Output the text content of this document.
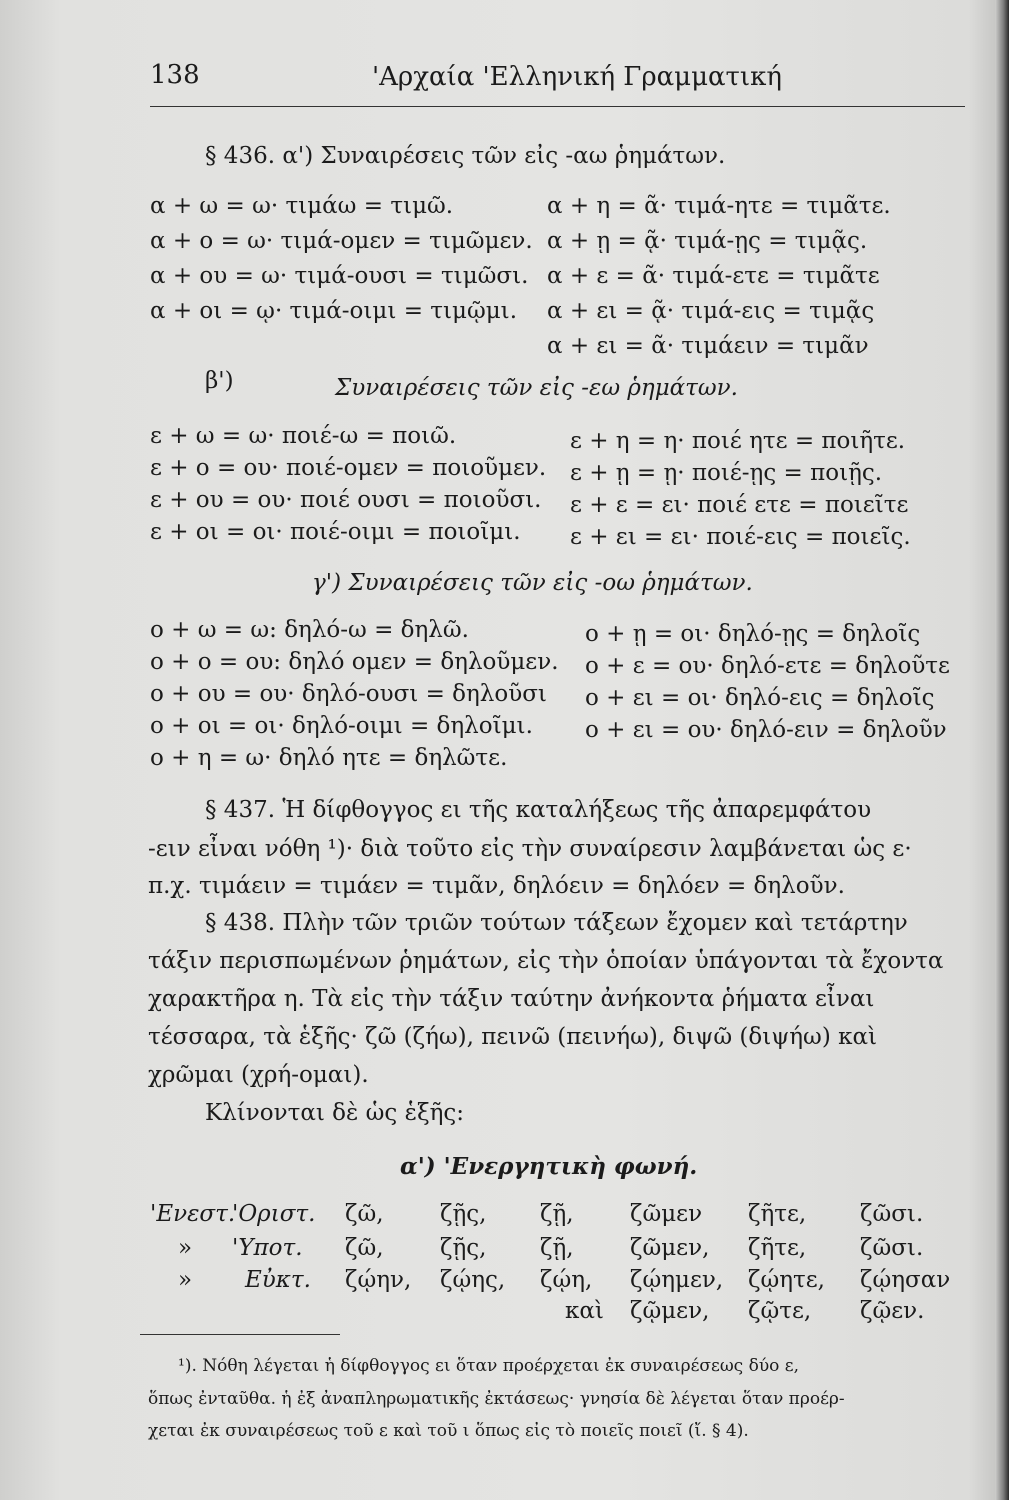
138	'Αρχαία 'Ελληνική Γραμματική
§ 436. α') Συναιρέσεις τῶν εἰς -αω ῥημάτων.
α + ω = ω· τιμάω = τιμῶ.
α + ο = ω· τιμά-ομεν = τιμῶμεν.
α + ου = ω· τιμά-ουσι = τιμῶσι.
α + οι = ῳ· τιμά-οιμι = τιμῷμι.
α + η = ᾶ· τιμά-ητε = τιμᾶτε.
α + ῃ = ᾷ· τιμά-ῃς = τιμᾷς.
α + ε = ᾶ· τιμά-ετε = τιμᾶτε
α + ει = ᾷ· τιμά-εις = τιμᾷς
α + ει = ᾶ· τιμάειν = τιμᾶν
β')	Συναιρέσεις τῶν εἰς -εω ῥημάτων.
ε + ω = ω· ποιέ-ω = ποιῶ.
ε + ο = ου· ποιέ-ομεν = ποιοῦμεν.
ε + ου = ου· ποιέ ουσι = ποιοῦσι.
ε + οι = οι· ποιέ-οιμι = ποιοῖμι.
ε + η = η· ποιέ ητε = ποιῆτε.
ε + ῃ = ῃ· ποιέ-ῃς = ποιῇς.
ε + ε = ει· ποιέ ετε = ποιεῖτε
ε + ει = ει· ποιέ-εις = ποιεῖς.
γ') Συναιρέσεις τῶν εἰς -οω ῥημάτων.
ο + ω = ω: δηλό-ω = δηλῶ.
ο + ο = ου: δηλό ομεν = δηλοῦμεν.
ο + ου = ου· δηλό-ουσι = δηλοῦσι
ο + οι = οι· δηλό-οιμι = δηλοῖμι.
ο + η = ω· δηλό ητε = δηλῶτε.
ο + ῃ = οι· δηλό-ῃς = δηλοῖς
ο + ε = ου· δηλό-ετε = δηλοῦτε
ο + ει = οι· δηλό-εις = δηλοῖς
ο + ει = ου· δηλό-ειν = δηλοῦν
§ 437. Ἡ δίφθογγος ει τῆς καταλήξεως τῆς ἀπαρεμφάτου
-ειν εἶναι νόθη ¹)· διὰ τοῦτο εἰς τὴν συναίρεσιν λαμβάνεται ὡς ε·
π.χ. τιμάειν = τιμάεν = τιμᾶν, δηλόειν = δηλόεν = δηλοῦν.
§ 438. Πλὴν τῶν τριῶν τούτων τάξεων ἔχομεν καὶ τετάρτην
τάξιν περισπωμένων ῥημάτων, εἰς τὴν ὁποίαν ὑπάγονται τὰ ἔχοντα
χαρακτῆρα η. Τὰ εἰς τὴν τάξιν ταύτην ἀνήκοντα ῥήματα εἶναι
τέσσαρα, τὰ ἑξῆς· ζῶ (ζήω), πεινῶ (πεινήω), διψῶ (διψήω) καὶ
χρῶμαι (χρή-ομαι).
Κλίνονται δὲ ὡς ἑξῆς:
α') 'Ενεργητικὴ φωνή.
'Ενεστ.
'Οριστ. ζῶ, ζῇς, ζῇ, ζῶμεν ζῆτε, ζῶσι.
» 'Υποτ. ζῶ, ζῇς, ζῇ, ζῶμεν, ζῆτε, ζῶσι.
» Εὐκτ. ζῴην, ζῴης, ζῴη, ζῴημεν, ζῴητε, ζῴησαν
καὶ ζῷμεν, ζῷτε, ζῷεν.
¹). Νόθη λέγεται ἡ δίφθογγος ει ὅταν προέρχεται ἐκ συναιρέσεως δύο ε,
ὅπως ἐνταῦθα. ἡ ἐξ ἀναπληρωματικῆς ἐκτάσεως· γνησία δὲ λέγεται ὅταν προέρ-
χεται ἐκ συναιρέσεως τοῦ ε καὶ τοῦ ι ὅπως εἰς τὸ ποιεῖς ποιεῖ (ἴ. § 4).
